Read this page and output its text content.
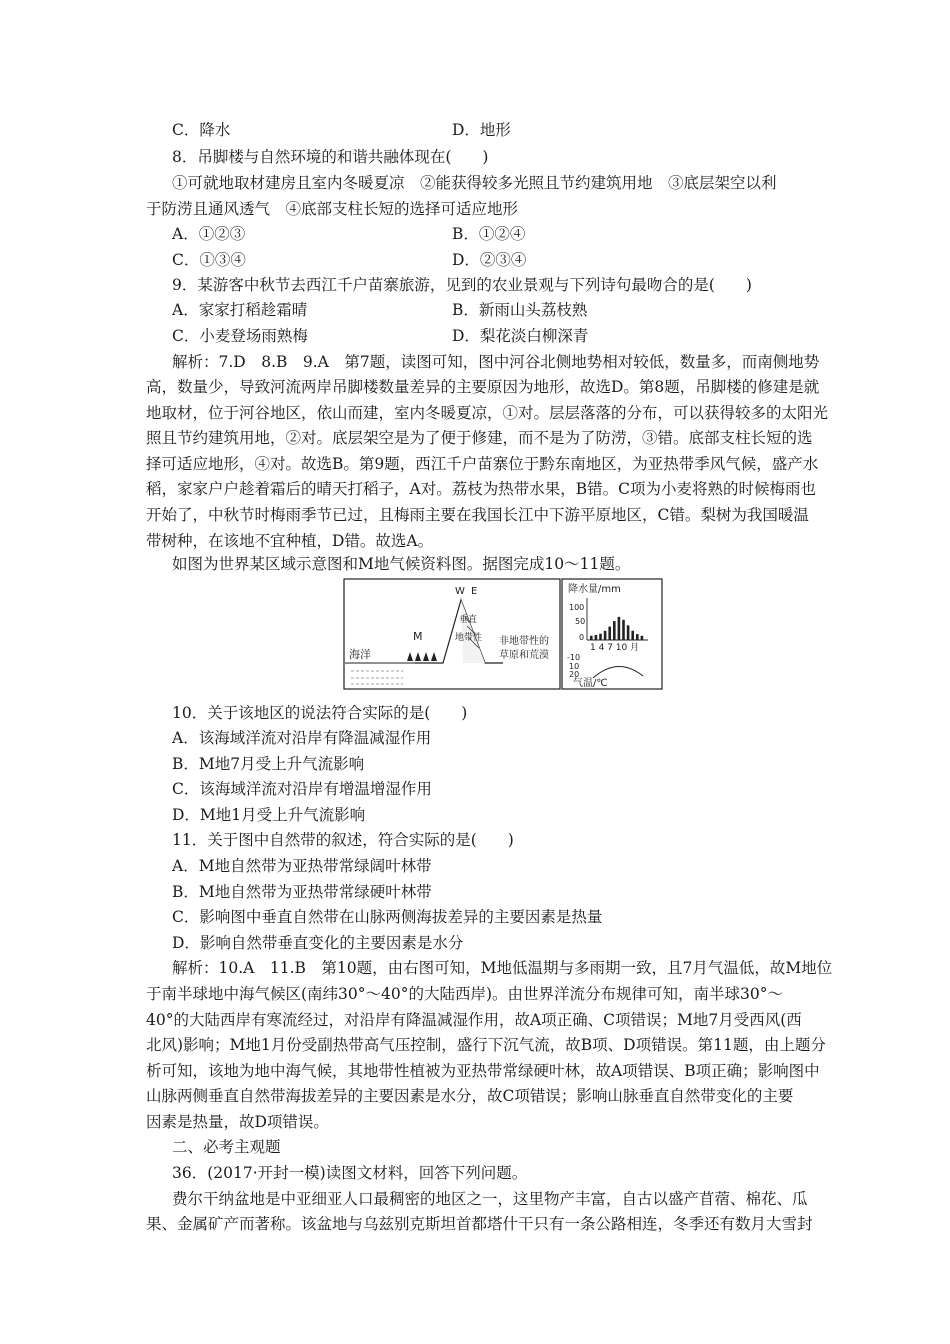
C．降水	D．地形
8．吊脚楼与自然环境的和谐共融体现在(　　)
①可就地取材建房且室内冬暖夏凉　②能获得较多光照且节约建筑用地　③底层架空以利
于防涝且通风透气　④底部支柱长短的选择可适应地形
A．①②③	B．①②④
C．①③④	D．②③④
9．某游客中秋节去西江千户苗寨旅游，见到的农业景观与下列诗句最吻合的是(　　)
A．家家打稻趁霜晴	B．新雨山头荔枝熟
C．小麦登场雨熟梅	D．梨花淡白柳深青
解析：7.D　8.B　9.A　第7题，读图可知，图中河谷北侧地势相对较低，数量多，而南侧地势
高，数量少，导致河流两岸吊脚楼数量差异的主要原因为地形，故选D。第8题，吊脚楼的修建是就
地取材，位于河谷地区，依山而建，室内冬暖夏凉，①对。层层落落的分布，可以获得较多的太阳光
照且节约建筑用地，②对。底层架空是为了便于修建，而不是为了防涝，③错。底部支柱长短的选
择可适应地形，④对。故选B。第9题，西江千户苗寨位于黔东南地区，为亚热带季风气候，盛产水
稻，家家户户趁着霜后的晴天打稻子，A对。荔枝为热带水果，B错。C项为小麦将熟的时候梅雨也
开始了，中秋节时梅雨季节已过，且梅雨主要在我国长江中下游平原地区，C错。梨树为我国暖温
带树种，在该地不宜种植，D错。故选A。
如图为世界某区域示意图和M地气候资料图。据图完成10～11题。
海洋
W E
垂直
地带性
M	非地带性的
草原和荒漠
降水量/mm
100
50
0
1 4 7 10 月
-10
10
20
气温/℃
10．关于该地区的说法符合实际的是(　　)
A．该海域洋流对沿岸有降温减湿作用
B．M地7月受上升气流影响
C．该海域洋流对沿岸有增温增湿作用
D．M地1月受上升气流影响
11．关于图中自然带的叙述，符合实际的是(　　)
A．M地自然带为亚热带常绿阔叶林带
B．M地自然带为亚热带常绿硬叶林带
C．影响图中垂直自然带在山脉两侧海拔差异的主要因素是热量
D．影响自然带垂直变化的主要因素是水分
解析：10.A　11.B　第10题，由右图可知，M地低温期与多雨期一致，且7月气温低，故M地位
于南半球地中海气候区(南纬30°～40°的大陆西岸)。由世界洋流分布规律可知，南半球30°～
40°的大陆西岸有寒流经过，对沿岸有降温减湿作用，故A项正确、C项错误；M地7月受西风(西
北风)影响；M地1月份受副热带高气压控制，盛行下沉气流，故B项、D项错误。第11题，由上题分
析可知，该地为地中海气候，其地带性植被为亚热带常绿硬叶林，故A项错误、B项正确；影响图中
山脉两侧垂直自然带海拔差异的主要因素是水分，故C项错误；影响山脉垂直自然带变化的主要
因素是热量，故D项错误。
二、必考主观题
36．(2017·开封一模)读图文材料，回答下列问题。
费尔干纳盆地是中亚细亚人口最稠密的地区之一，这里物产丰富，自古以盛产苜蓿、棉花、瓜
果、金属矿产而著称。该盆地与乌兹别克斯坦首都塔什干只有一条公路相连，冬季还有数月大雪封
